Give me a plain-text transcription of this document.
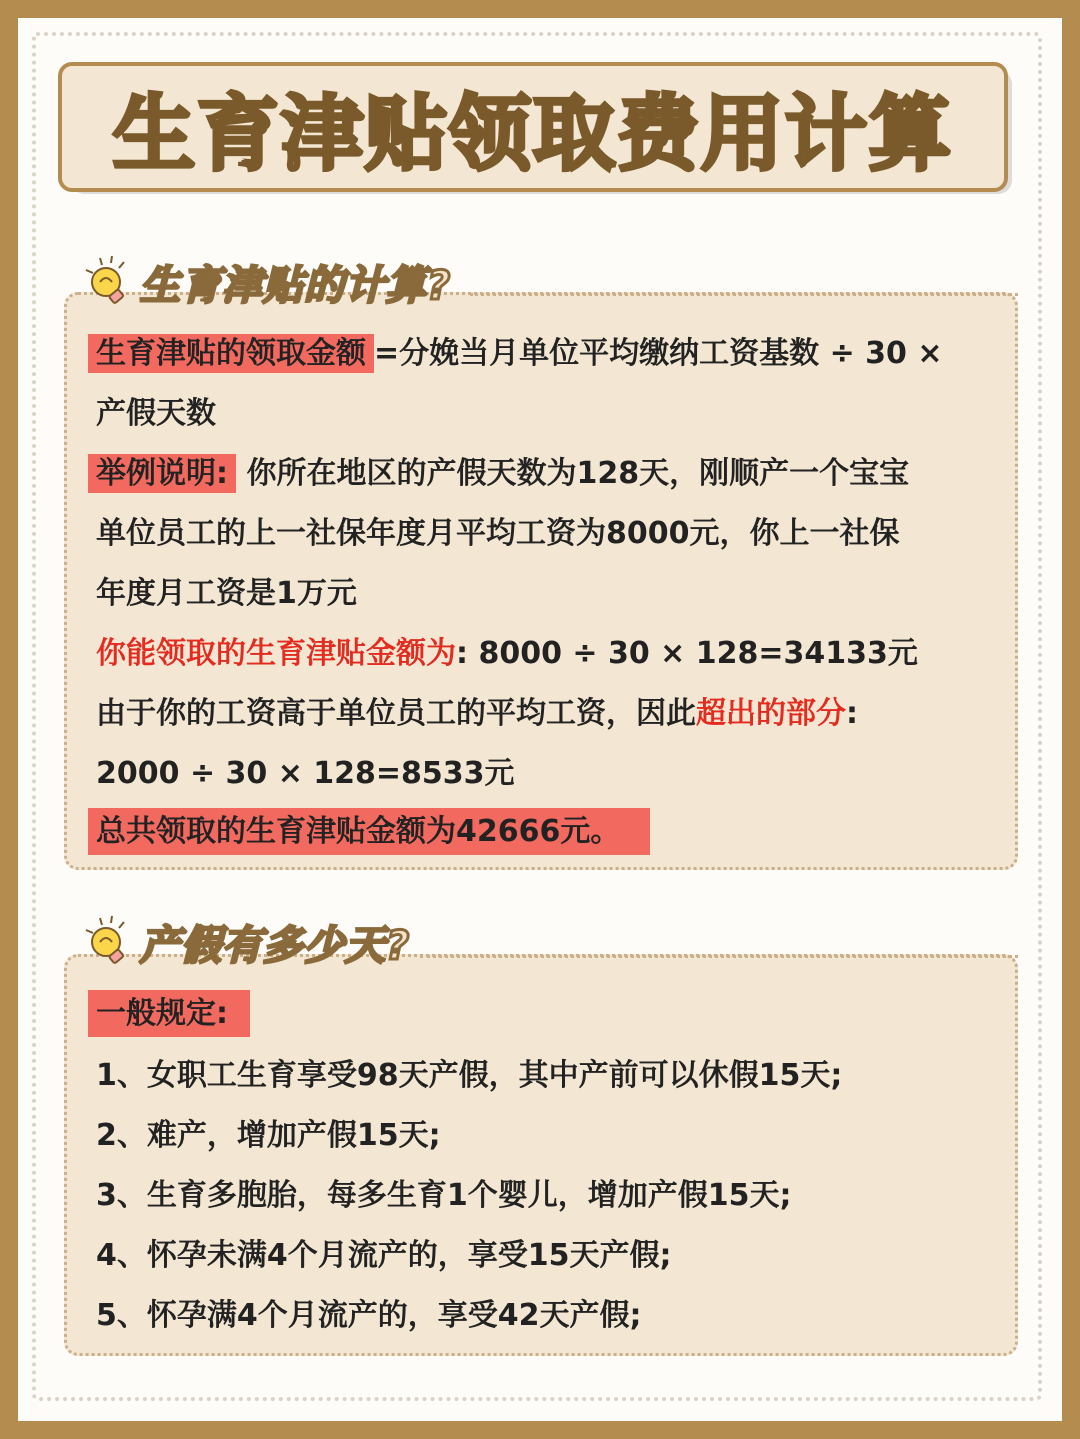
生育津贴 领取费用计算
生育津贴的计算?
生育津贴的领取金额 =分娩当月单位平均缴纳工资基数 ÷ 30 ×
产假天数
举例说明: 你所在地区的产假天数为128天，刚顺产一个宝宝
单位员工的上一社保年度月平均工资为8000元，你上一社保
年度月工资是1万元
你能领取的生育津贴金额为: 8000 ÷ 30 × 128=34133元
由于你的工资高于单位员工的平均工资，因此超出的部分:
2000 ÷ 30 × 128=8533元
总共领取的生育津贴金额为42666元。
产假有多少天?
一般规定:
1、女职工生育享受98天产假，其中产前可以休假15天;
2、难产，增加产假15天;
3、生育多胞胎，每多生育1个婴儿，增加产假15天;
4、怀孕未满4个月流产的，享受15天产假;
5、怀孕满4个月流产的，享受42天产假;
